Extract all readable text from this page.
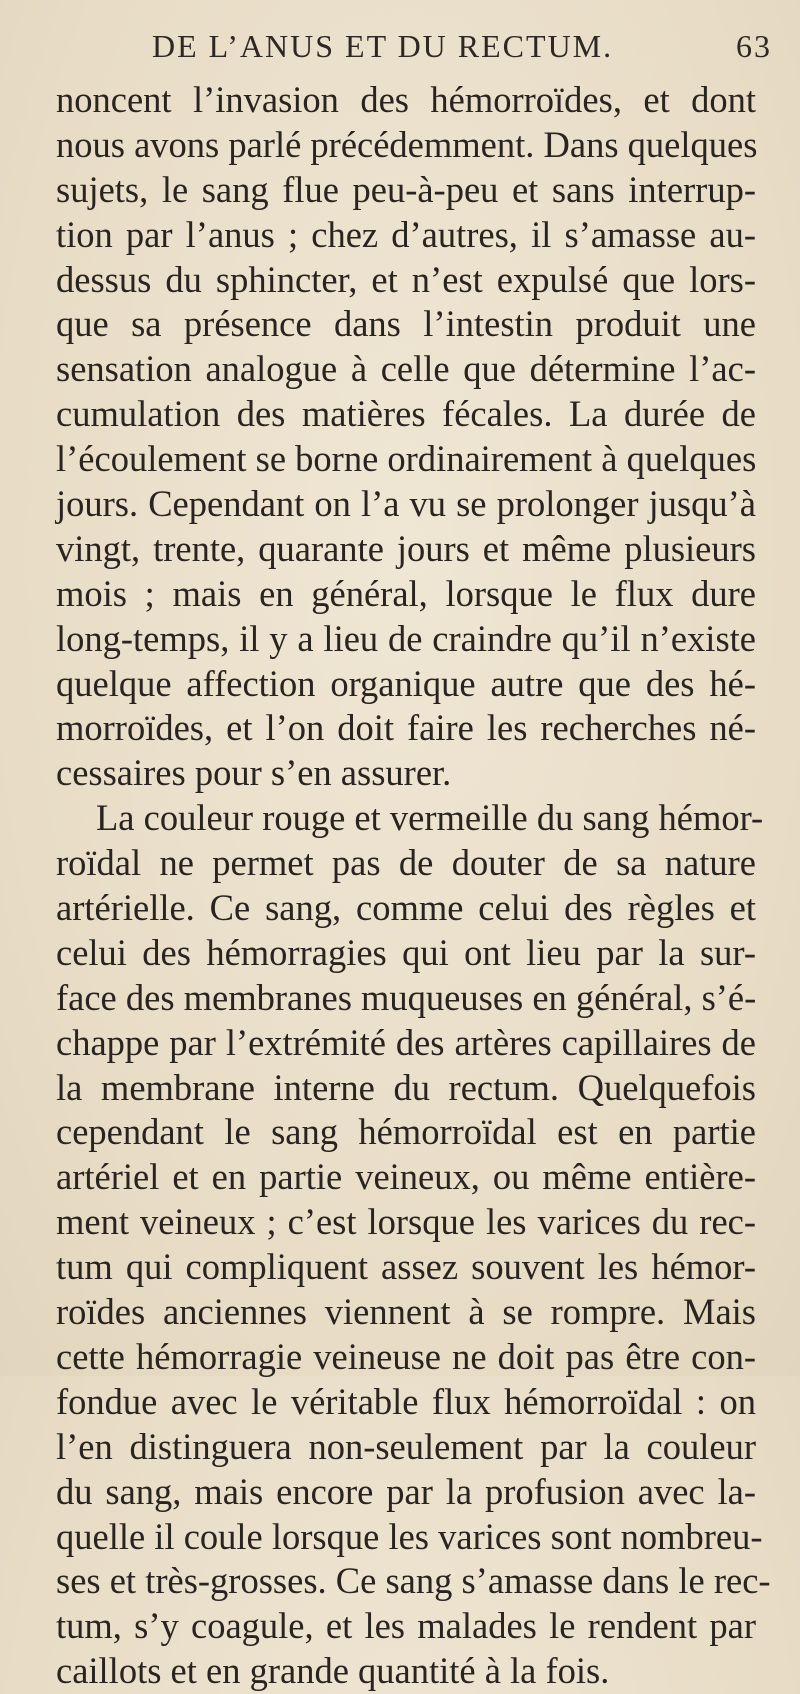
DE L’ANUS ET DU RECTUM.	63
noncent l’invasion des hémorroïdes, et dont
nous avons parlé précédemment. Dans quelques
sujets, le sang flue peu-à-peu et sans interrup-
tion par l’anus ; chez d’autres, il s’amasse au-
dessus du sphincter, et n’est expulsé que lors-
que sa présence dans l’intestin produit une
sensation analogue à celle que détermine l’ac-
cumulation des matières fécales. La durée de
l’écoulement se borne ordinairement à quelques
jours. Cependant on l’a vu se prolonger jusqu’à
vingt, trente, quarante jours et même plusieurs
mois ; mais en général, lorsque le flux dure
long-temps, il y a lieu de craindre qu’il n’existe
quelque affection organique autre que des hé-
morroïdes, et l’on doit faire les recherches né-
cessaires pour s’en assurer.
La couleur rouge et vermeille du sang hémor-
roïdal ne permet pas de douter de sa nature
artérielle. Ce sang, comme celui des règles et
celui des hémorragies qui ont lieu par la sur-
face des membranes muqueuses en général, s’é-
chappe par l’extrémité des artères capillaires de
la membrane interne du rectum. Quelquefois
cependant le sang hémorroïdal est en partie
artériel et en partie veineux, ou même entière-
ment veineux ; c’est lorsque les varices du rec-
tum qui compliquent assez souvent les hémor-
roïdes anciennes viennent à se rompre. Mais
cette hémorragie veineuse ne doit pas être con-
fondue avec le véritable flux hémorroïdal : on
l’en distinguera non-seulement par la couleur
du sang, mais encore par la profusion avec la-
quelle il coule lorsque les varices sont nombreu-
ses et très-grosses. Ce sang s’amasse dans le rec-
tum, s’y coagule, et les malades le rendent par
caillots et en grande quantité à la fois.
